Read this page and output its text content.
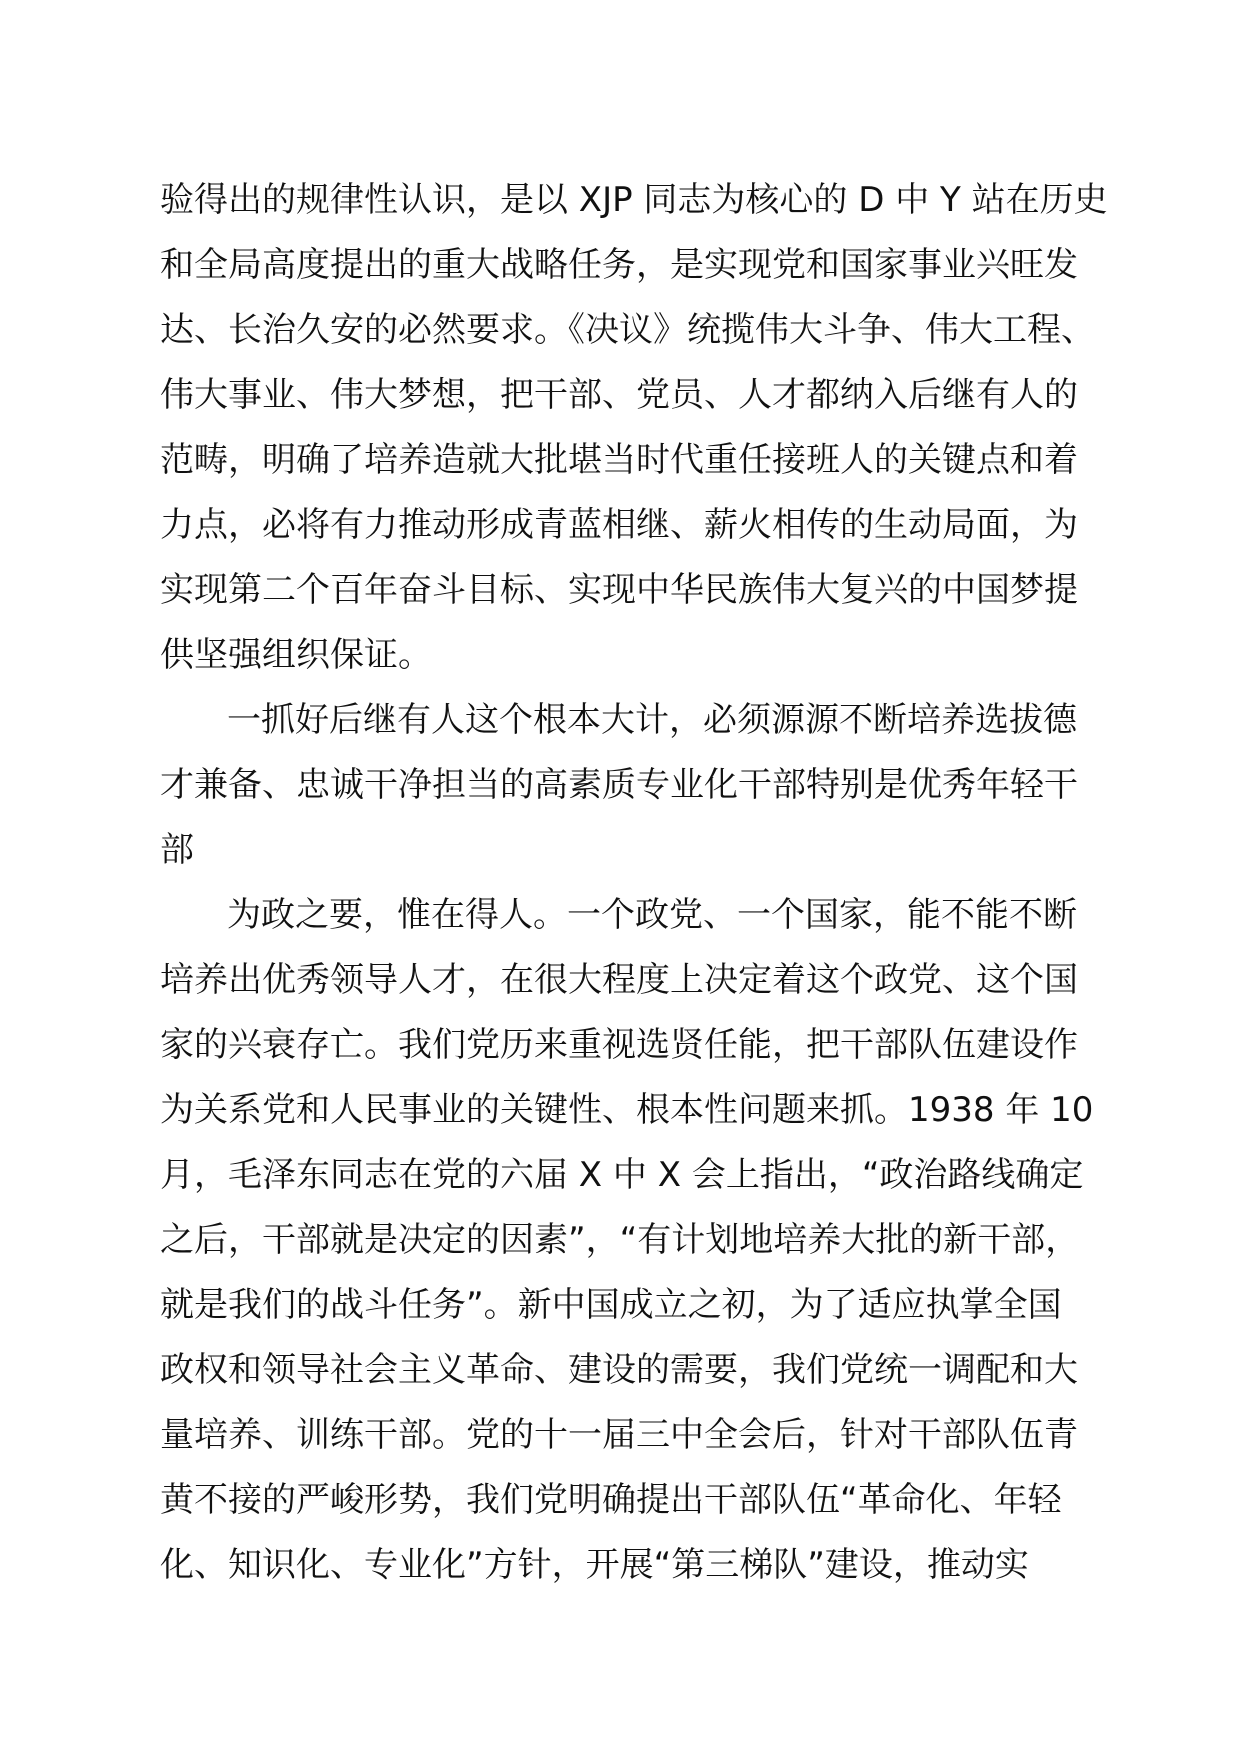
验得出的规律性认识，是以 XJP 同志为核心的 D 中 Y 站在历史
和全局高度提出的重大战略任务，是实现党和国家事业兴旺发
达、长治久安的必然要求。《决议》统揽伟大斗争、伟大工程、
伟大事业、伟大梦想，把干部、党员、人才都纳入后继有人的
范畴，明确了培养造就大批堪当时代重任接班人的关键点和着
力点，必将有力推动形成青蓝相继、薪火相传的生动局面，为
实现第二个百年奋斗目标、实现中华民族伟大复兴的中国梦提
供坚强组织保证。
一抓好后继有人这个根本大计，必须源源不断培养选拔德
才兼备、忠诚干净担当的高素质专业化干部特别是优秀年轻干
部
为政之要，惟在得人。一个政党、一个国家，能不能不断
培养出优秀领导人才，在很大程度上决定着这个政党、这个国
家的兴衰存亡。我们党历来重视选贤任能，把干部队伍建设作
为关系党和人民事业的关键性、根本性问题来抓。1938 年 10
月，毛泽东同志在党的六届 X 中 X 会上指出，“政治路线确定
之后，干部就是决定的因素”，“有计划地培养大批的新干部，
就是我们的战斗任务”。新中国成立之初，为了适应执掌全国
政权和领导社会主义革命、建设的需要，我们党统一调配和大
量培养、训练干部。党的十一届三中全会后，针对干部队伍青
黄不接的严峻形势，我们党明确提出干部队伍“革命化、年轻
化、知识化、专业化”方针，开展“第三梯队”建设，推动实
